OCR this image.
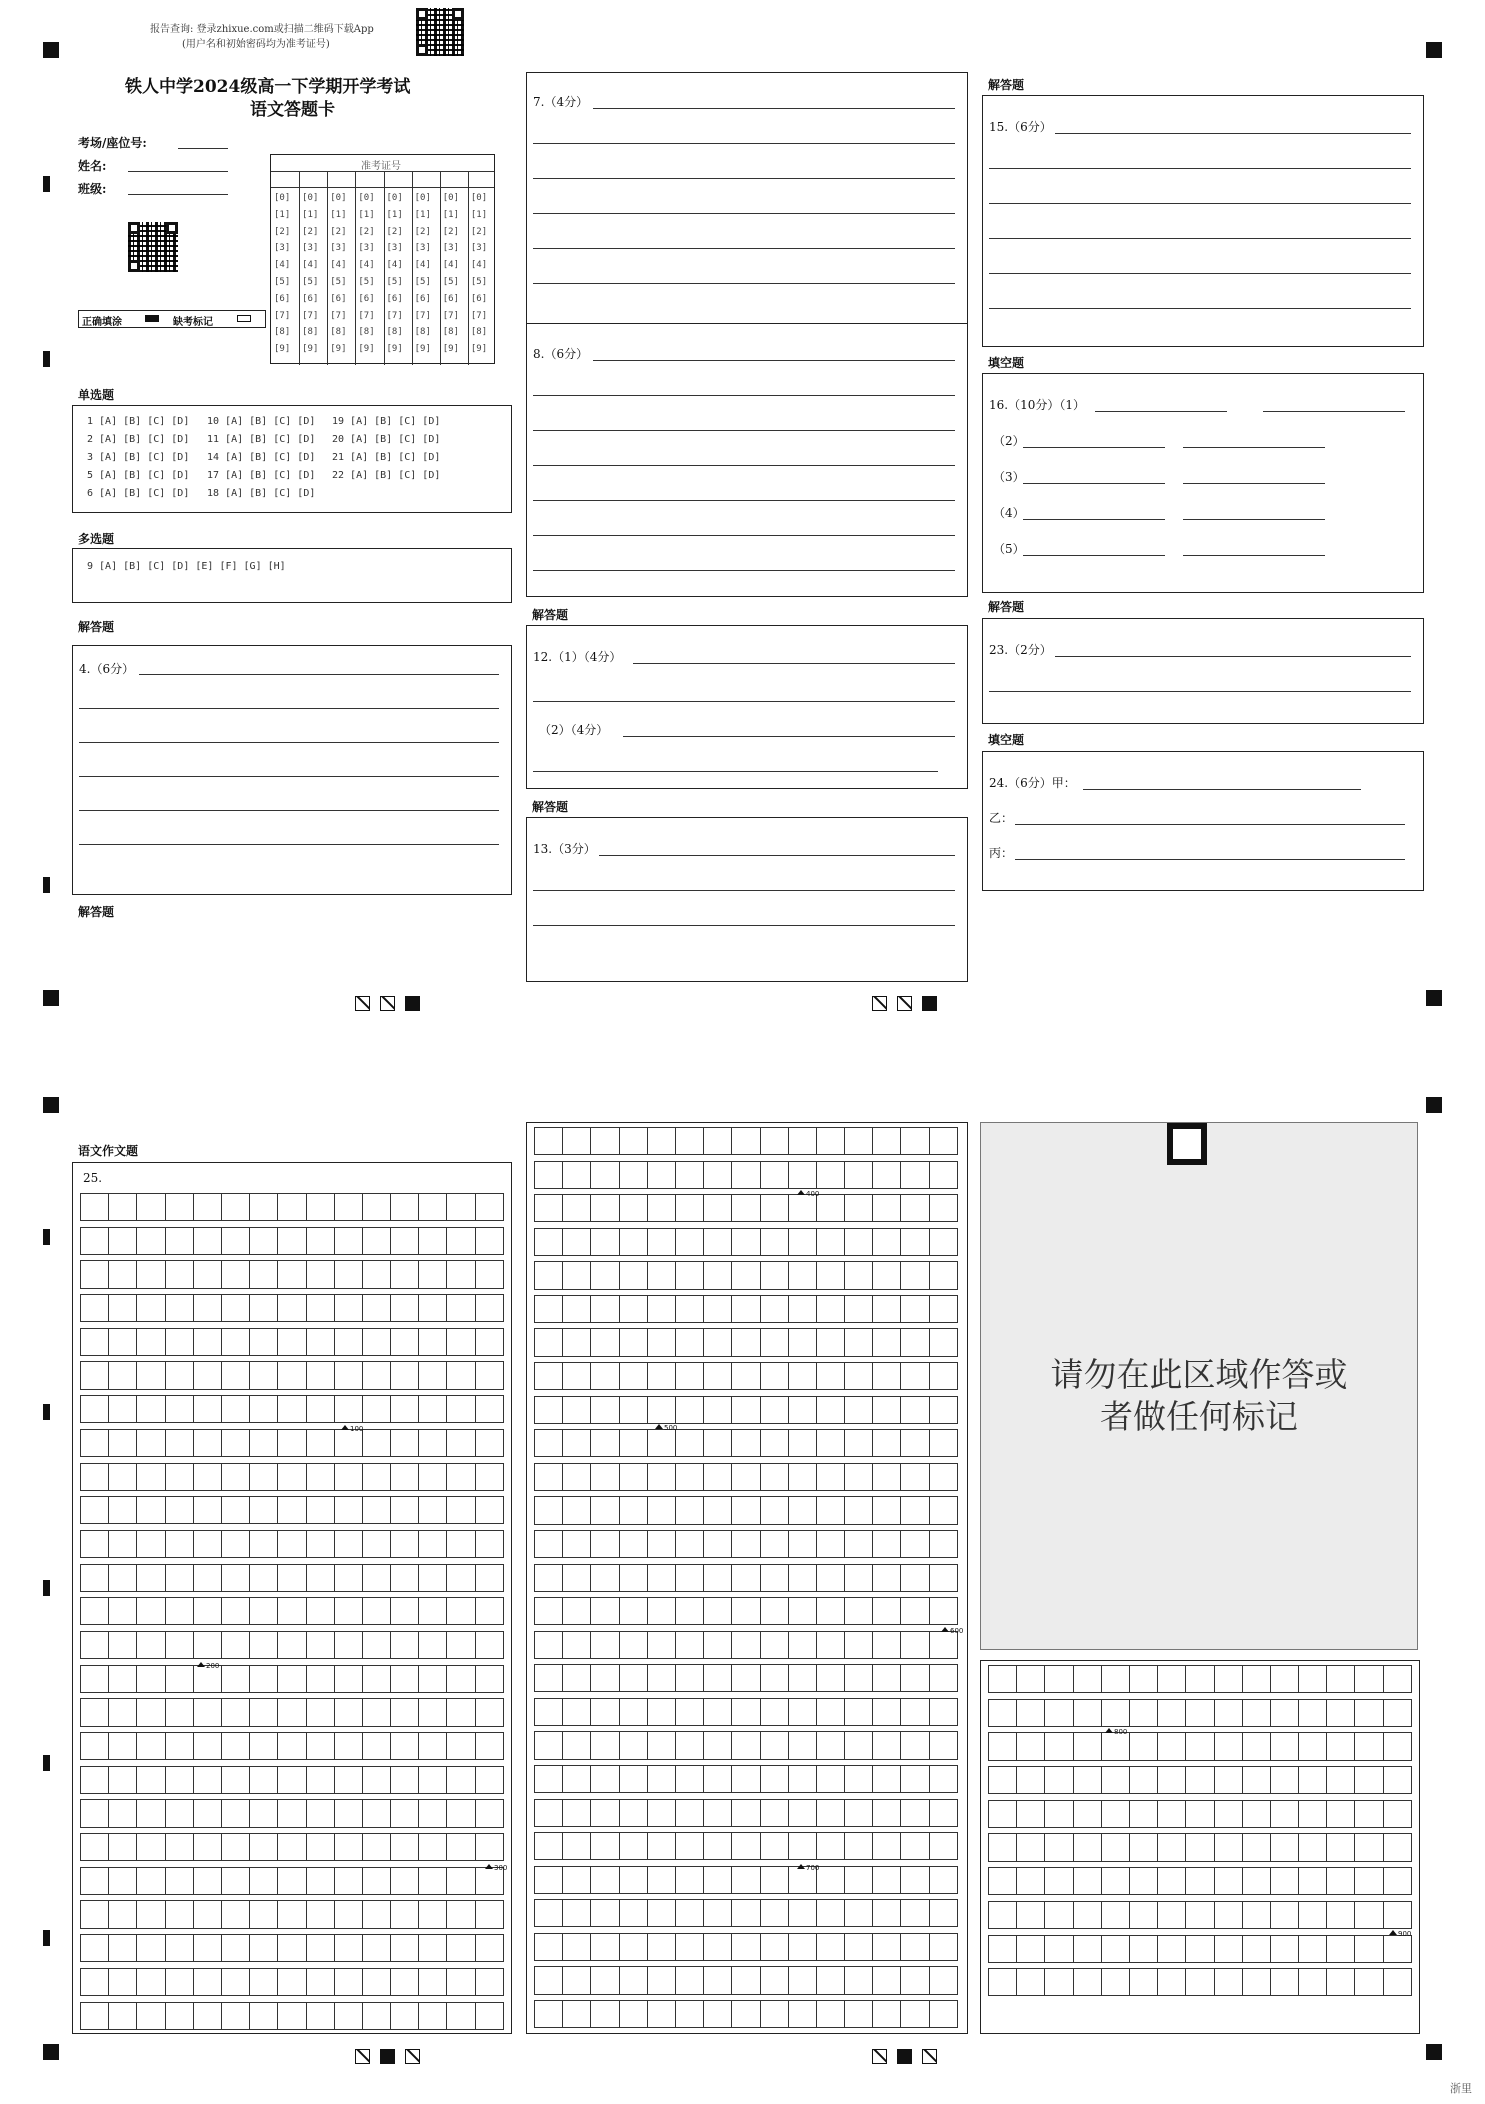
报告查询: 登录zhixue.com或扫描二维码下载App
(用户名和初始密码均为准考证号)
铁人中学2024级高一下学期开学考试
语文答题卡
考场/座位号:
姓名:
班级:
正确填涂	缺考标记
准考证号
[0]
[1]
[2]
[3]
[4]
[5]
[6]
[7]
[8]
[9]
[0]
[1]
[2]
[3]
[4]
[5]
[6]
[7]
[8]
[9]
[0]
[1]
[2]
[3]
[4]
[5]
[6]
[7]
[8]
[9]
[0]
[1]
[2]
[3]
[4]
[5]
[6]
[7]
[8]
[9]
[0]
[1]
[2]
[3]
[4]
[5]
[6]
[7]
[8]
[9]
[0]
[1]
[2]
[3]
[4]
[5]
[6]
[7]
[8]
[9]
[0]
[1]
[2]
[3]
[4]
[5]
[6]
[7]
[8]
[9]
[0]
[1]
[2]
[3]
[4]
[5]
[6]
[7]
[8]
[9]
单选题
1 [A] [B] [C] [D]
2 [A] [B] [C] [D]
3 [A] [B] [C] [D]
5 [A] [B] [C] [D]
6 [A] [B] [C] [D]
10 [A] [B] [C] [D]
11 [A] [B] [C] [D]
14 [A] [B] [C] [D]
17 [A] [B] [C] [D]
18 [A] [B] [C] [D]
19 [A] [B] [C] [D]
20 [A] [B] [C] [D]
21 [A] [B] [C] [D]
22 [A] [B] [C] [D]
多选题
9 [A] [B] [C] [D] [E] [F] [G] [H]
解答题
4.（6分）
解答题
7.（4分）
8.（6分）
解答题
12.（1）（4分）
（2）（4分）
解答题
13.（3分）
解答题
15.（6分）
填空题
16.（10分）（1）
（2）
（3）
（4）
（5）
解答题
23.（2分）
填空题
24.（6分）甲：
乙：
丙：
语文作文题
25.
请勿在此区域作答或
者做任何标记
100
200
300
400
500
600
700
800
900
浙里
